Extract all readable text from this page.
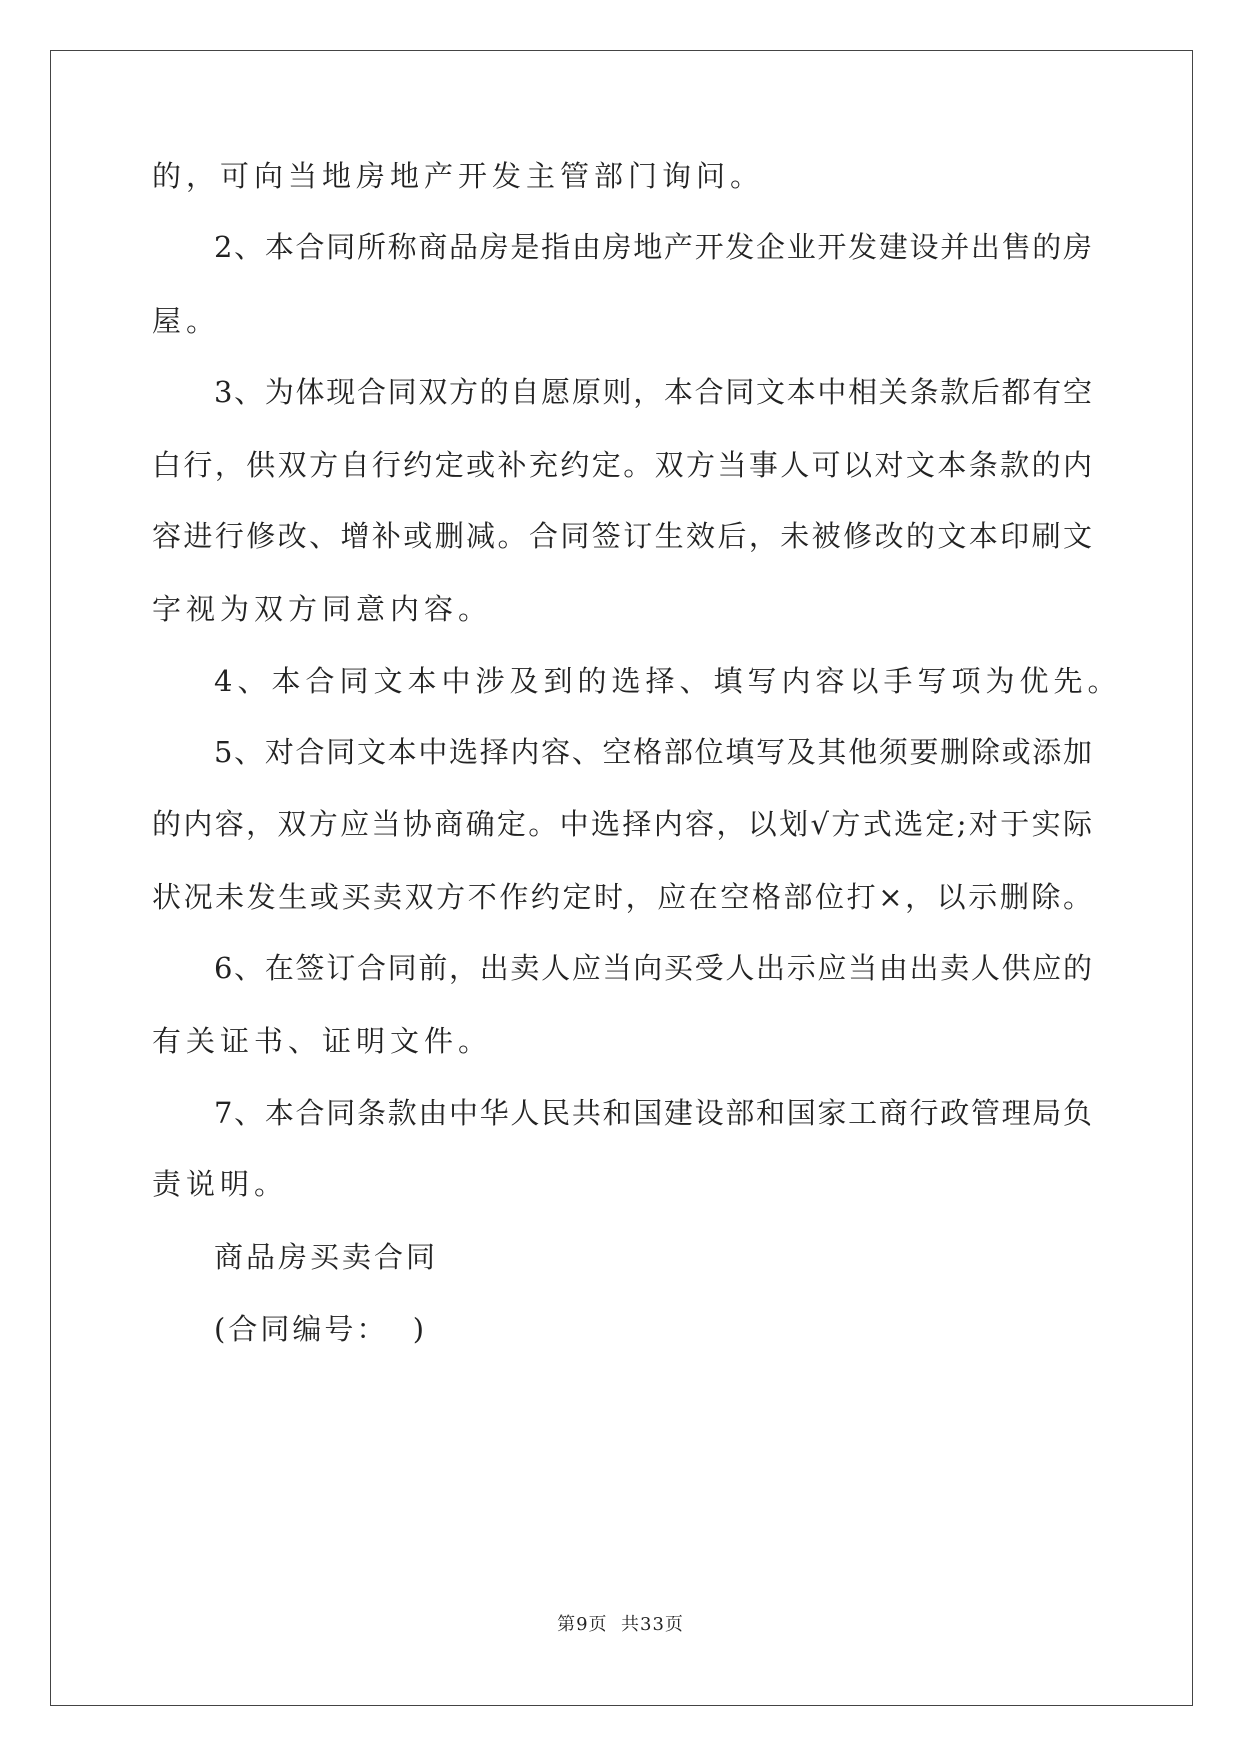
的，可向当地房地产开发主管部门询问。
2、本合同所称商品房是指由房地产开发企业开发建设并出售的房
屋。
3、为体现合同双方的自愿原则，本合同文本中相关条款后都有空
白行，供双方自行约定或补充约定。双方当事人可以对文本条款的内
容进行修改、增补或删减。合同签订生效后，未被修改的文本印刷文
字视为双方同意内容。
4、本合同文本中涉及到的选择、填写内容以手写项为优先。
5、对合同文本中选择内容、空格部位填写及其他须要删除或添加
的内容，双方应当协商确定。中选择内容，以划√方式选定;对于实际
状况未发生或买卖双方不作约定时，应在空格部位打×，以示删除。
6、在签订合同前，出卖人应当向买受人出示应当由出卖人供应的
有关证书、证明文件。
7、本合同条款由中华人民共和国建设部和国家工商行政管理局负
责说明。
商品房买卖合同
(合同编号：  )
第9页  共33页
